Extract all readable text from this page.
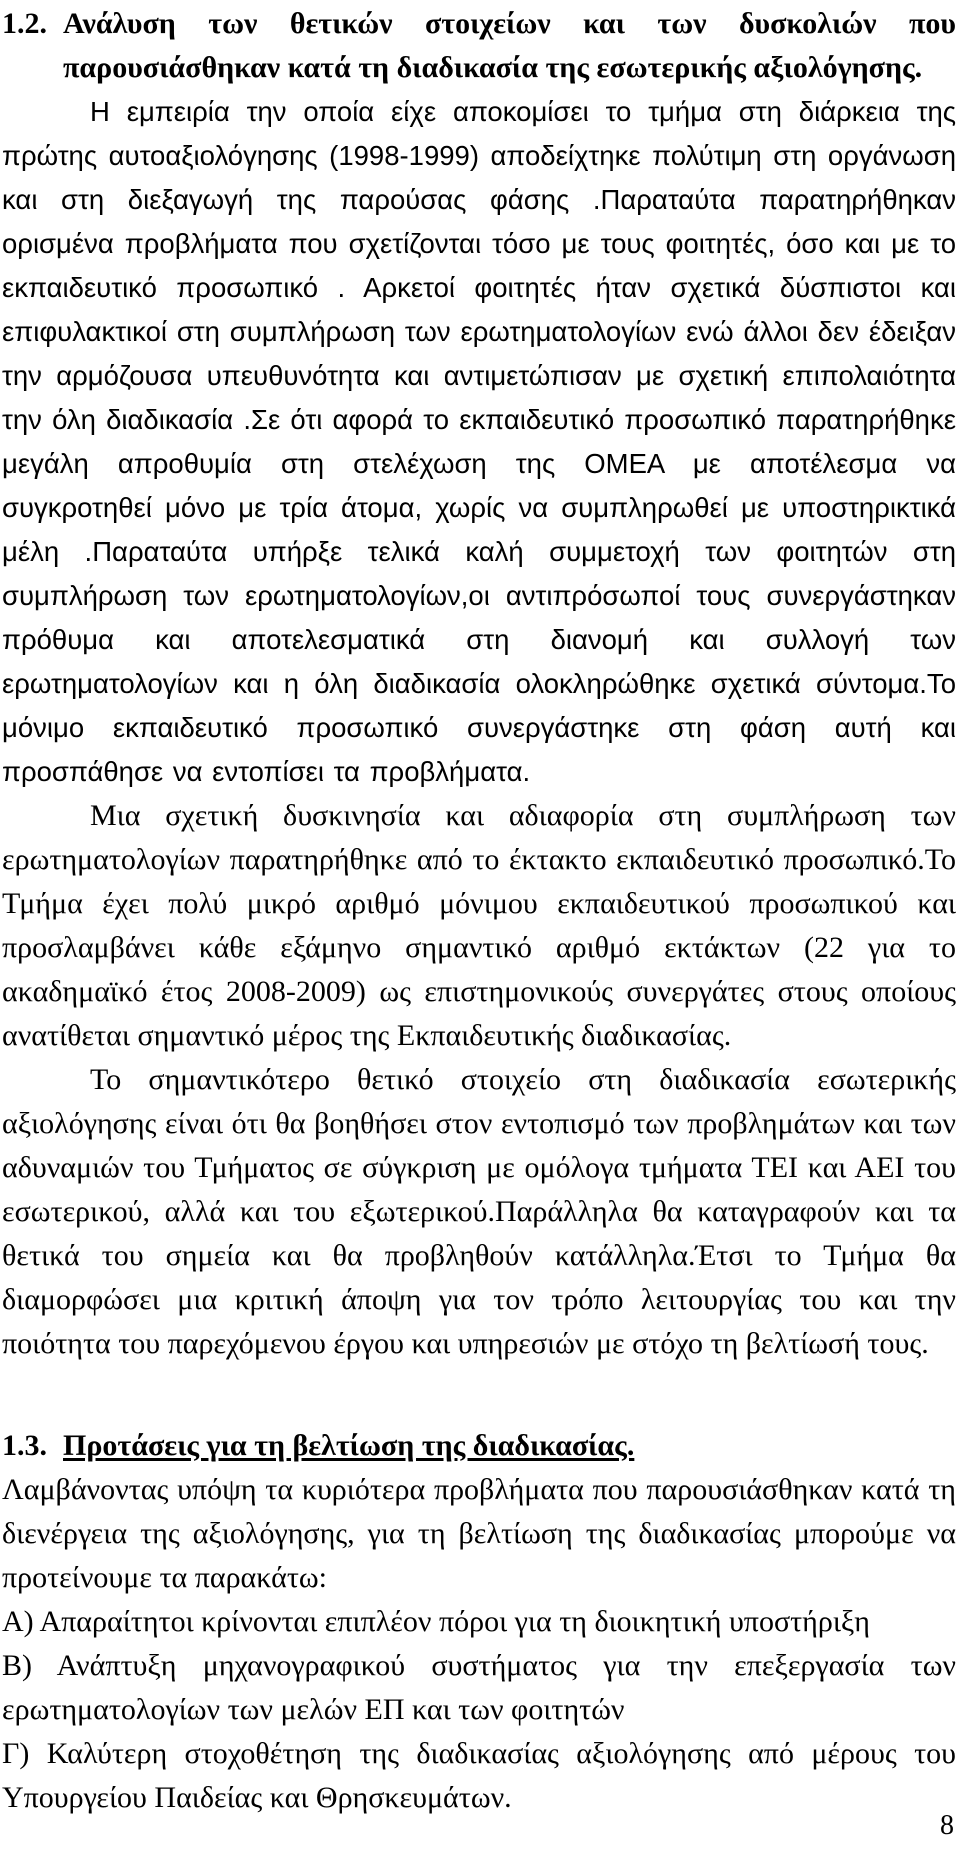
1.2. Ανάλυση των θετικών στοιχείων και των δυσκολιών που παρουσιάσθηκαν κατά τη διαδικασία της εσωτερικής αξιολόγησης.

Η εμπειρία την οποία είχε αποκομίσει το τμήμα στη διάρκεια της πρώτης αυτοαξιολόγησης (1998-1999) αποδείχτηκε πολύτιμη στη οργάνωση και στη διεξαγωγή της παρούσας φάσης .Παραταύτα παρατηρήθηκαν ορισμένα προβλήματα που σχετίζονται τόσο με τους φοιτητές, όσο και με το εκπαιδευτικό προσωπικό . Αρκετοί φοιτητές ήταν σχετικά δύσπιστοι και επιφυλακτικοί στη συμπλήρωση των ερωτηματολογίων ενώ άλλοι δεν έδειξαν την αρμόζουσα υπευθυνότητα και αντιμετώπισαν με σχετική επιπολαιότητα την όλη διαδικασία .Σε ότι αφορά το εκπαιδευτικό προσωπικό παρατηρήθηκε μεγάλη απροθυμία στη στελέχωση της ΟΜΕΑ με αποτέλεσμα να συγκροτηθεί μόνο με τρία άτομα, χωρίς να συμπληρωθεί με υποστηρικτικά μέλη .Παραταύτα υπήρξε τελικά καλή συμμετοχή των φοιτητών στη συμπλήρωση των ερωτηματολογίων,οι αντιπρόσωποί τους συνεργάστηκαν πρόθυμα και αποτελεσματικά στη διανομή και συλλογή των ερωτηματολογίων και η όλη διαδικασία ολοκληρώθηκε σχετικά σύντομα.Το μόνιμο εκπαιδευτικό προσωπικό συνεργάστηκε στη φάση αυτή και προσπάθησε να εντοπίσει τα προβλήματα.

Μια σχετική δυσκινησία και αδιαφορία στη συμπλήρωση των ερωτηματολογίων παρατηρήθηκε από το έκτακτο εκπαιδευτικό προσωπικό.Το Τμήμα έχει πολύ μικρό αριθμό μόνιμου εκπαιδευτικού προσωπικού και προσλαμβάνει κάθε εξάμηνο σημαντικό αριθμό εκτάκτων (22 για το ακαδημαϊκό έτος 2008-2009) ως επιστημονικούς συνεργάτες στους οποίους ανατίθεται σημαντικό μέρος της Εκπαιδευτικής διαδικασίας.

Το σημαντικότερο θετικό στοιχείο στη διαδικασία εσωτερικής αξιολόγησης είναι ότι θα βοηθήσει στον εντοπισμό των προβλημάτων και των αδυναμιών του Τμήματος σε σύγκριση με ομόλογα τμήματα ΤΕΙ και ΑΕΙ του εσωτερικού, αλλά και του εξωτερικού.Παράλληλα θα καταγραφούν και τα θετικά του σημεία και θα προβληθούν κατάλληλα.Έτσι το Τμήμα θα διαμορφώσει μια κριτική άποψη για τον τρόπο λειτουργίας του και την ποιότητα του παρεχόμενου έργου και υπηρεσιών με στόχο τη βελτίωσή τους.

1.3. Προτάσεις για τη βελτίωση της διαδικασίας.

Λαμβάνοντας υπόψη τα κυριότερα προβλήματα που παρουσιάσθηκαν κατά τη διενέργεια της αξιολόγησης, για τη βελτίωση της διαδικασίας μπορούμε να προτείνουμε τα παρακάτω:

Α) Απαραίτητοι κρίνονται επιπλέον πόροι για τη διοικητική υποστήριξη

Β) Ανάπτυξη μηχανογραφικού συστήματος για την επεξεργασία των ερωτηματολογίων των μελών ΕΠ και των φοιτητών

Γ) Καλύτερη στοχοθέτηση της διαδικασίας αξιολόγησης από μέρους του Υπουργείου Παιδείας και Θρησκευμάτων.

8
